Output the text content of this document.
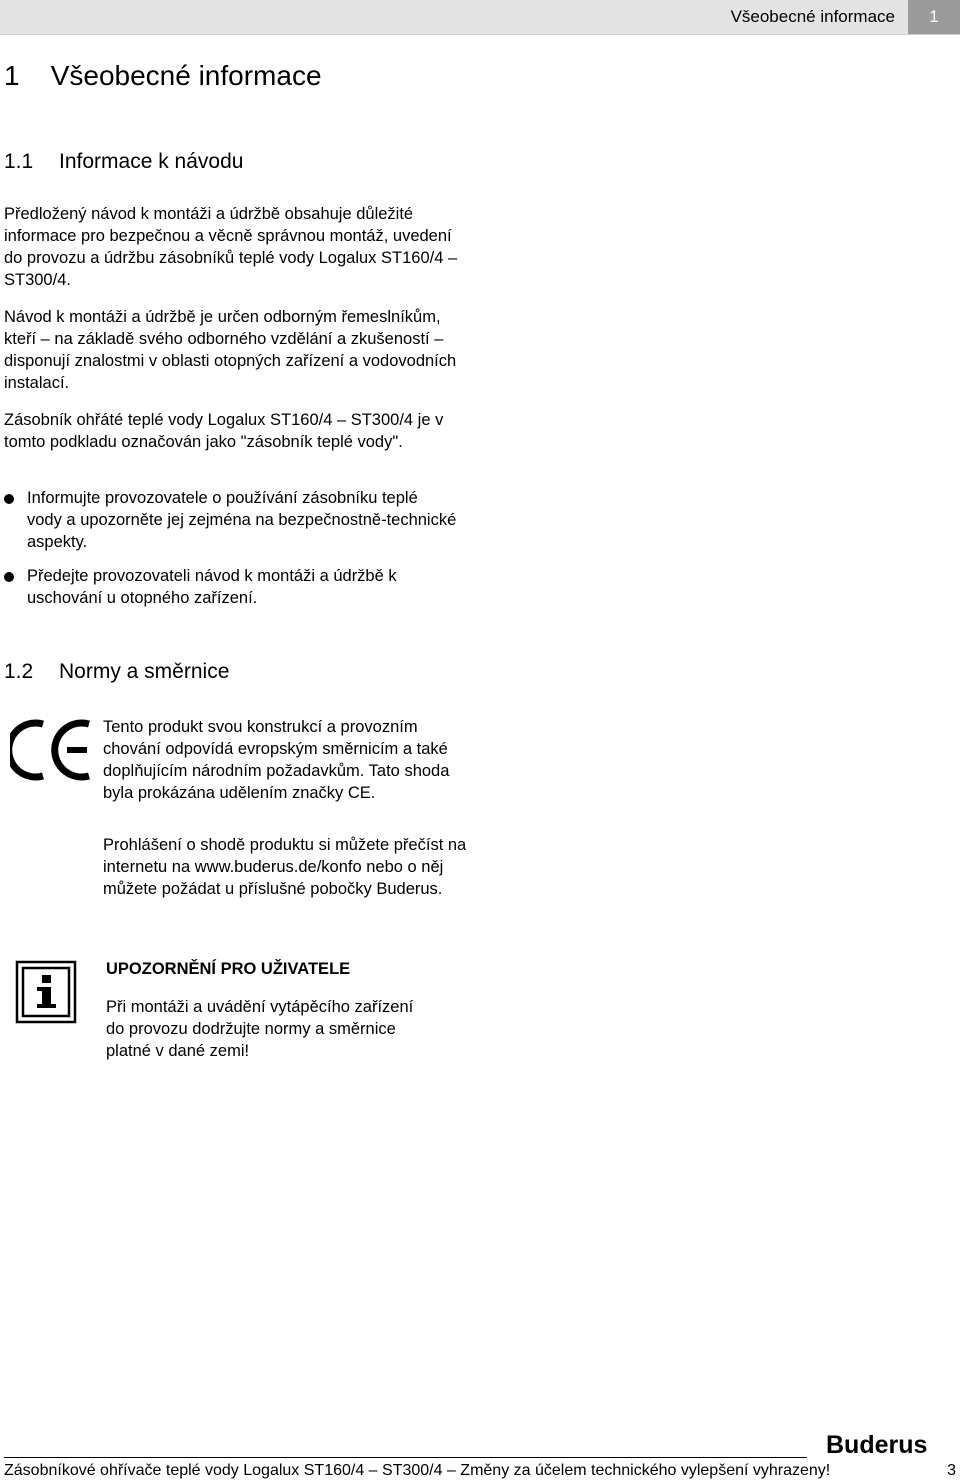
Všeobecné informace	1
1    Všeobecné informace
1.1 Informace k návodu

Předložený návod k montáži a údržbě obsahuje důležité informace pro bezpečnou a věcně správnou montáž, uvedení do provozu a údržbu zásobníků teplé vody Logalux ST160/4 – ST300/4.

Návod k montáži a údržbě je určen odborným řemeslníkům, kteří – na základě svého odborného vzdělání a zkušeností – disponují znalostmi v oblasti otopných zařízení a vodovodních instalací.

Zásobník ohřáté teplé vody Logalux ST160/4 – ST300/4 je v tomto podkladu označován jako "zásobník teplé vody".

Informujte provozovatele o používání zásobníku teplé vody a upozorněte jej zejména na bezpečnostně-technické aspekty.
Předejte provozovateli návod k montáži a údržbě k uschování u otopného zařízení.
1.2 Normy a směrnice
Tento produkt svou konstrukcí a provozním chování odpovídá evropským směrnicím a také doplňujícím národním požadavkům. Tato shoda byla prokázána udělením značky CE.
Prohlášení o shodě produktu si můžete přečíst na internetu na www.buderus.de/konfo nebo o něj můžete požádat u příslušné pobočky Buderus.
UPOZORNĚNÍ PRO UŽIVATELE
Při montáži a uvádění vytápěcího zařízení do provozu dodržujte normy a směrnice platné v dané zemi!
Buderus
Zásobníkové ohřívače teplé vody Logalux ST160/4 – ST300/4 – Změny za účelem technického vylepšení vyhrazeny!	3
